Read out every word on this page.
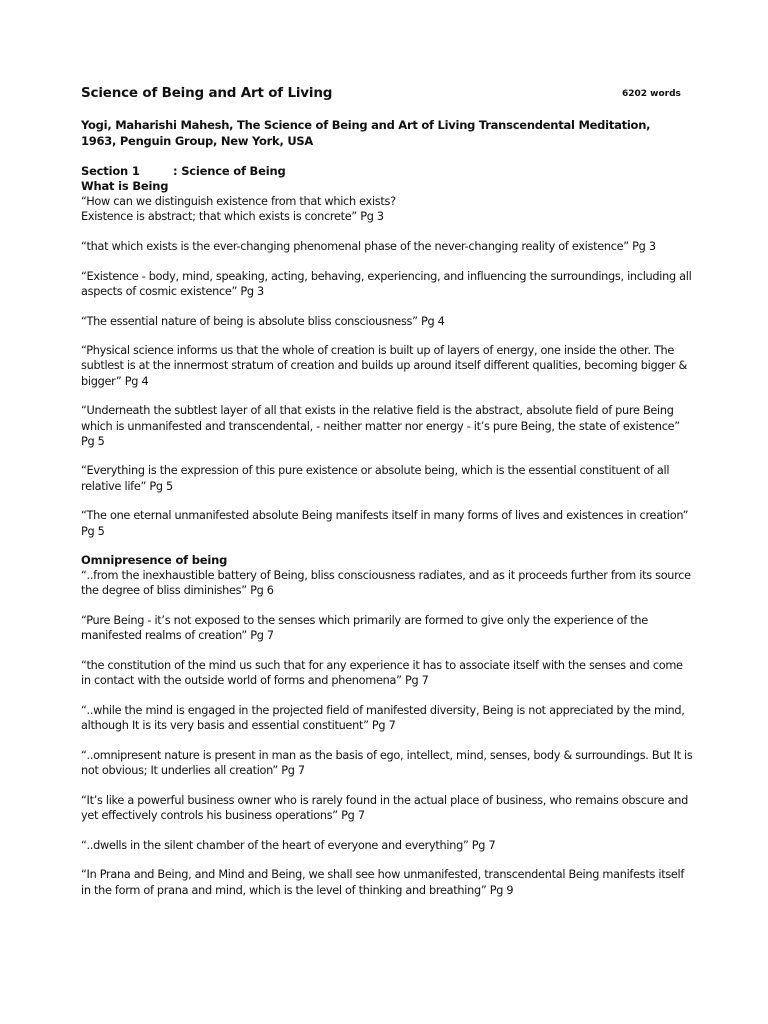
Science of Being and Art of Living	6202 words
Yogi, Maharishi Mahesh, The Science of Being and Art of Living Transcendental Meditation, 1963, Penguin Group, New York, USA
Section 1	: Science of Being
What is Being
“How can we distinguish existence from that which exists?
Existence is abstract; that which exists is concrete” Pg 3
“that which exists is the ever-changing phenomenal phase of the never-changing reality of existence” Pg 3
“Existence - body, mind, speaking, acting, behaving, experiencing, and influencing the surroundings, including all aspects of cosmic existence” Pg 3
“The essential nature of being is absolute bliss consciousness” Pg 4
“Physical science informs us that the whole of creation is built up of layers of energy, one inside the other. The subtlest is at the innermost stratum of creation and builds up around itself different qualities, becoming bigger & bigger” Pg 4
“Underneath the subtlest layer of all that exists in the relative field is the abstract, absolute field of pure Being which is unmanifested and transcendental, - neither matter nor energy - it’s pure Being, the state of existence” Pg 5
“Everything is the expression of this pure existence or absolute being, which is the essential constituent of all relative life” Pg 5
“The one eternal unmanifested absolute Being manifests itself in many forms of lives and existences in creation” Pg 5
Omnipresence of being
“..from the inexhaustible battery of Being, bliss consciousness radiates, and as it proceeds further from its source the degree of bliss diminishes” Pg 6
“Pure Being - it’s not exposed to the senses which primarily are formed to give only the experience of the manifested realms of creation” Pg 7
“the constitution of the mind us such that for any experience it has to associate itself with the senses and come in contact with the outside world of forms and phenomena” Pg 7
“..while the mind is engaged in the projected field of manifested diversity, Being is not appreciated by the mind, although It is its very basis and essential constituent” Pg 7
“..omnipresent nature is present in man as the basis of ego, intellect, mind, senses, body & surroundings. But It is not obvious; It underlies all creation” Pg 7
“It’s like a powerful business owner who is rarely found in the actual place of business, who remains obscure and yet effectively controls his business operations” Pg 7
“..dwells in the silent chamber of the heart of everyone and everything” Pg 7
“In Prana and Being, and Mind and Being, we shall see how unmanifested, transcendental Being manifests itself in the form of prana and mind, which is the level of thinking and breathing” Pg 9
